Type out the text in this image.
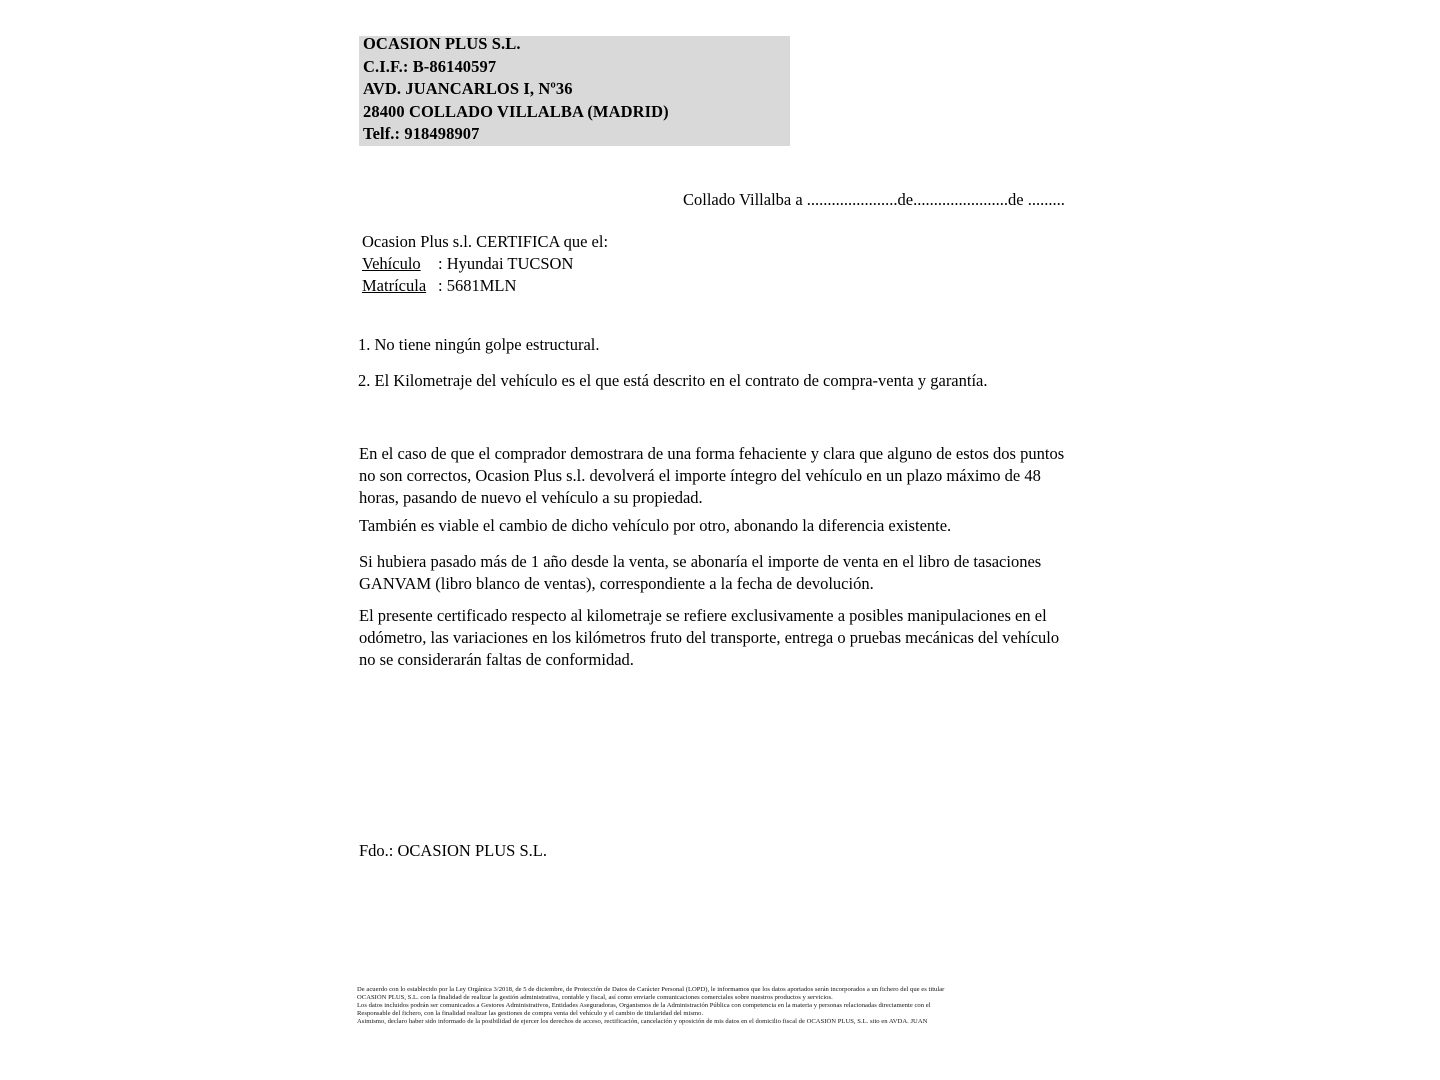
OCASION PLUS S.L.
C.I.F.: B-86140597
AVD. JUANCARLOS I, Nº36
28400 COLLADO VILLALBA (MADRID)
Telf.: 918498907
Collado Villalba a ......................de.......................de .........
Ocasion Plus s.l. CERTIFICA que el:
Vehículo : Hyundai TUCSON
Matrícula : 5681MLN
1. No tiene ningún golpe estructural.
2. El Kilometraje del vehículo es el que está descrito en el contrato de compra-venta y garantía.
En el caso de que el comprador demostrara de una forma fehaciente y clara que alguno de estos dos puntos no son correctos, Ocasion Plus s.l. devolverá el importe íntegro del vehículo en un plazo máximo de 48 horas, pasando de nuevo el vehículo a su propiedad.
También es viable el cambio de dicho vehículo por otro, abonando la diferencia existente.
Si hubiera pasado más de 1 año desde la venta, se abonaría el importe de venta en el libro de tasaciones GANVAM (libro blanco de ventas), correspondiente a la fecha de devolución.
El presente certificado respecto al kilometraje se refiere exclusivamente a posibles manipulaciones en el odómetro, las variaciones en los kilómetros fruto del transporte, entrega o pruebas mecánicas del vehículo no se considerarán faltas de conformidad.
Fdo.: OCASION PLUS S.L.
De acuerdo con lo establecido por la Ley Orgánica 3/2018, de 5 de diciembre, de Protección de Datos de Carácter Personal (LOPD), le informamos que los datos aportados serán incorporados a un fichero del que es titular
OCASIÓN PLUS, S.L. con la finalidad de realizar la gestión administrativa, contable y fiscal, así como enviarle comunicaciones comerciales sobre nuestros productos y servicios.
Los datos incluidos podrán ser comunicados a Gestores Administrativos, Entidades Aseguradoras, Organismos de la Administración Pública con competencia en la materia y personas relacionadas directamente con el
Responsable del fichero, con la finalidad realizar las gestiones de compra venta del vehículo y el cambio de titularidad del mismo.
Asimismo, declaro haber sido informado de la posibilidad de ejercer los derechos de acceso, rectificación, cancelación y oposición de mis datos en el domicilio fiscal de OCASIÓN PLUS, S.L. sito en AVDA. JUAN
